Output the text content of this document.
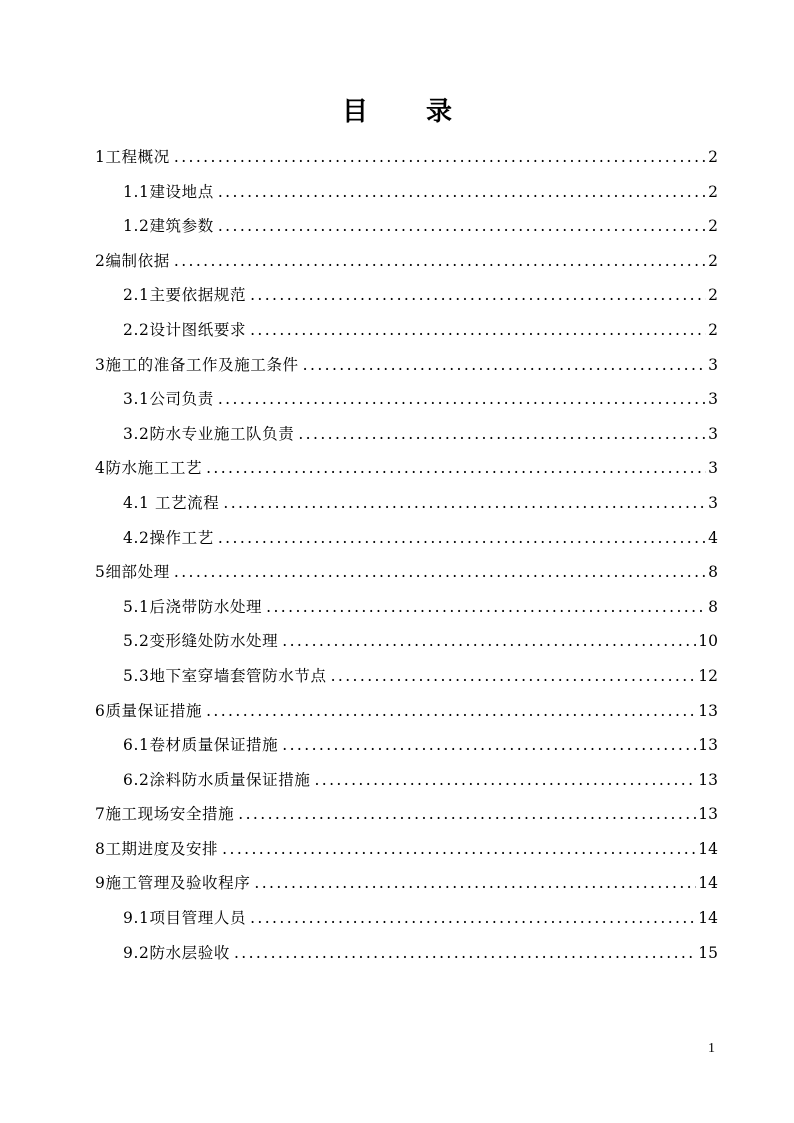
目录
1工程概况 .....	2
1.1建设地点 .....	2
1.2建筑参数 .....	2
2编制依据 .....	2
2.1主要依据规范 .....	2
2.2设计图纸要求 .....	2
3施工的准备工作及施工条件 .....	3
3.1公司负责 .....	3
3.2防水专业施工队负责 .....	3
4防水施工工艺 .....	3
4.1 工艺流程 .....	3
4.2操作工艺 .....	4
5细部处理 .....	8
5.1后浇带防水处理 .....	8
5.2变形缝处防水处理 .....	10
5.3地下室穿墙套管防水节点 .....	12
6质量保证措施 .....	13
6.1卷材质量保证措施 .....	13
6.2涂料防水质量保证措施 .....	13
7施工现场安全措施 .....	13
8工期进度及安排 .....	14
9施工管理及验收程序 .....	14
9.1项目管理人员 .....	14
9.2防水层验收 .....	15
1
